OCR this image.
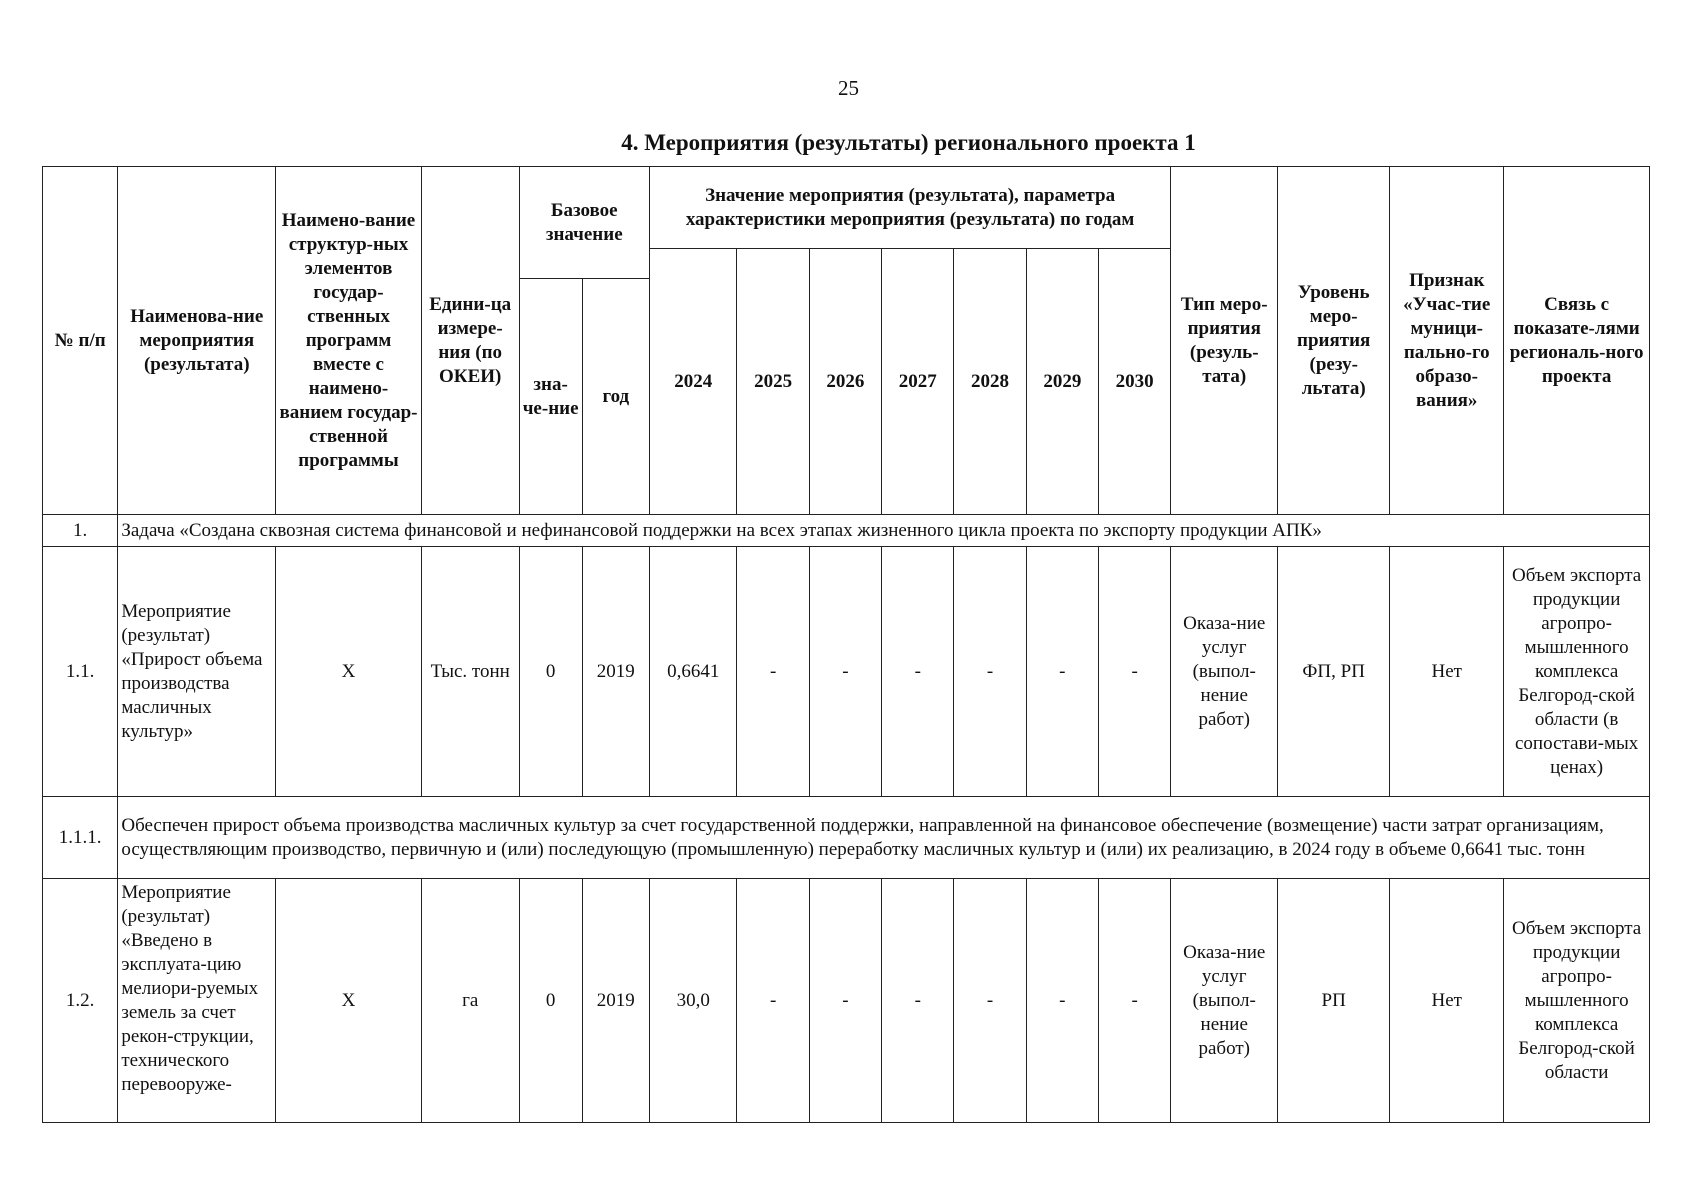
25
4. Мероприятия (результаты) регионального проекта 1
№ п/п	Наименова-ние мероприятия (результата)	Наимено-вание структур-ных элементов государ-ственных программ вместе с наимено-ванием государ-ственной программы	Едини-ца измере-ния (по ОКЕИ)	Базовое значение		Значение мероприятия (результата), параметра характеристики мероприятия (результата) по годам							Тип меро-приятия (резуль-тата)	Уровень меро-приятия (резу-льтата)	Признак «Учас-тие муници-пально-го образо-вания»	Связь с показате-лями региональ-ного проекта
						2024	2025	2026	2027	2028	2029	2030				
				зна-че-ние	год											
1.	Задача «Создана сквозная система финансовой и нефинансовой поддержки на всех этапах жизненного цикла проекта по экспорту продукции АПК»															
1.1.	Мероприятие (результат) «Прирост объема производства масличных культур»	Х	Тыс. тонн	0	2019	0,6641	-	-	-	-	-	-	Оказа-ние услуг (выпол-нение работ)	ФП, РП	Нет	Объем экспорта продукции агропро-мышленного комплекса Белгород-ской области (в сопостави-мых ценах)
1.1.1.	Обеспечен прирост объема производства масличных культур за счет государственной поддержки, направленной на финансовое обеспечение (возмещение) части затрат организациям, осуществляющим производство, первичную и (или) последующую (промышленную) переработку масличных культур и (или) их реализацию, в 2024 году в объеме 0,6641 тыс. тонн															
1.2.	Мероприятие (результат) «Введено в эксплуата-цию мелиори-руемых земель за счет рекон-струкции, технического перевооруже-	Х	га	0	2019	30,0	-	-	-	-	-	-	Оказа-ние услуг (выпол-нение работ)	РП	Нет	Объем экспорта продукции агропро-мышленного комплекса Белгород-ской области
